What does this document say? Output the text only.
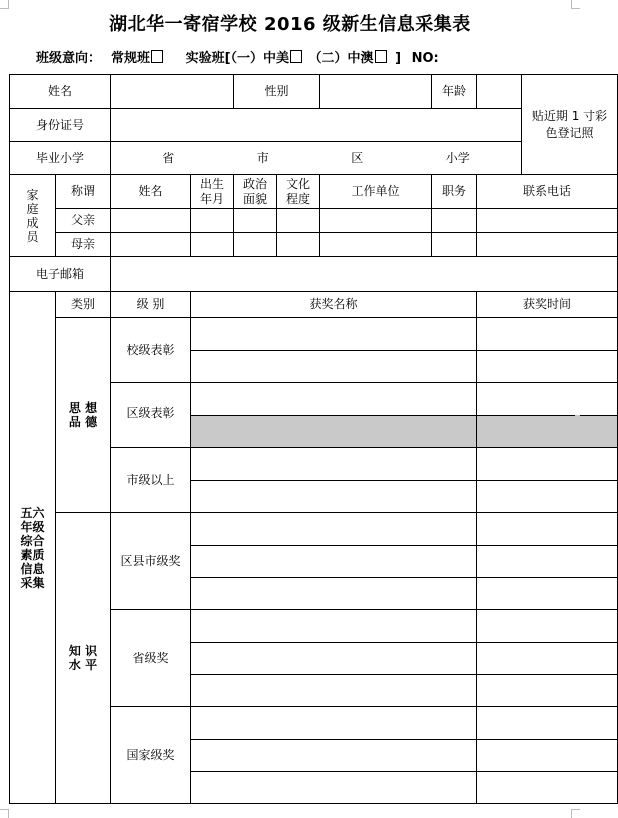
湖北华一寄宿学校 2016 级新生信息采集表
班级意向： 常规班	实验班[（一）中美 （二）中澳 ] NO:
姓名				性别			年龄		贴近期 1 寸彩色登记照
身份证号									
毕业小学		省 市 区 小学							

家庭成员	称谓	姓名	出生年月	政治面貌	文化程度	工作单位	职务	联系电话	
	父亲								
	母亲								
电子邮箱									
五六年级综合素质信息采集	类别	级 别	获奖名称					获奖时间	
	思 想 品 德	校级表彰							

		区级表彰							

		市级以上							

	知 识 水 平	区县市级奖							

		省级奖							

		国家级奖							
